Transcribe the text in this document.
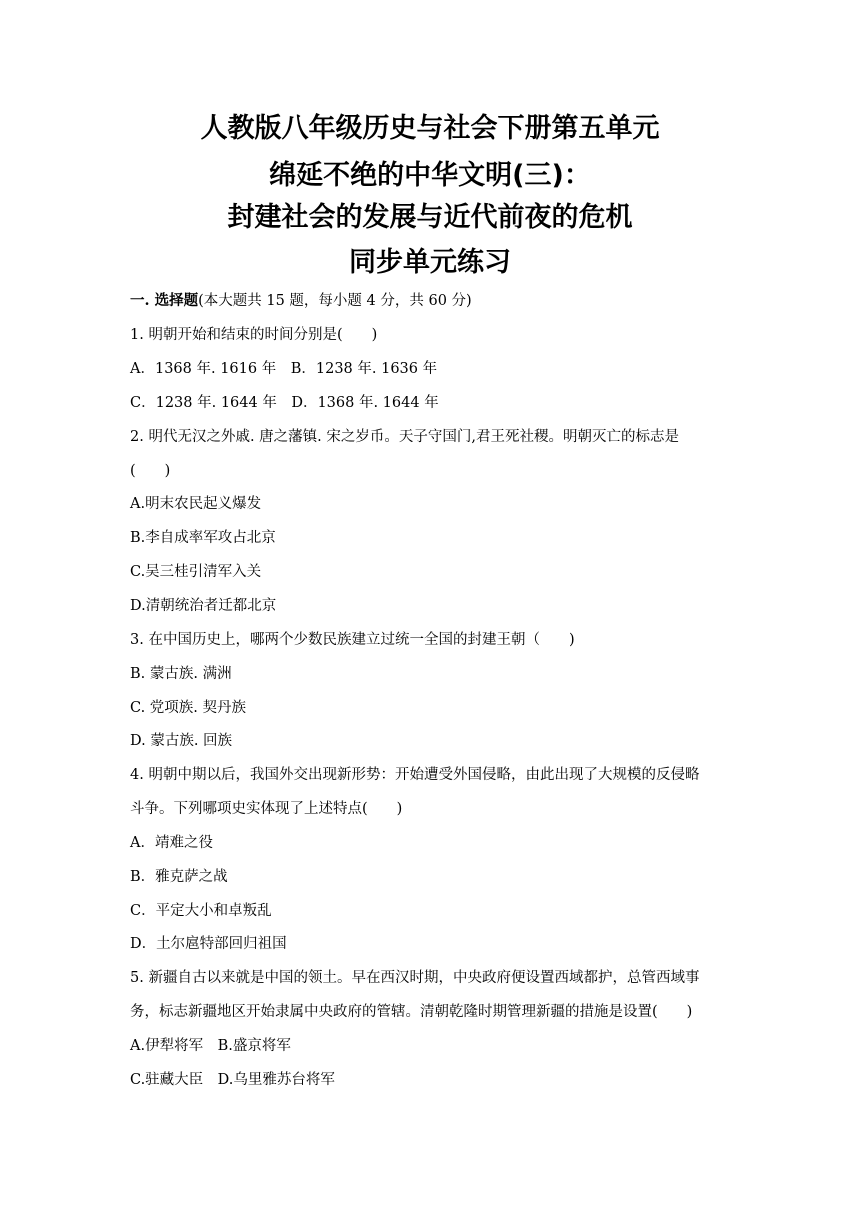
人教版八年级历史与社会下册第五单元
绵延不绝的中华文明(三)：
封建社会的发展与近代前夜的危机
同步单元练习
一. 选择题(本大题共 15 题，每小题 4 分，共 60 分)
1. 明朝开始和结束的时间分别是(　　)
A．1368 年. 1616 年　B．1238 年. 1636 年
C．1238 年. 1644 年　D．1368 年. 1644 年
2. 明代无汉之外戚. 唐之藩镇. 宋之岁币。天子守国门,君王死社稷。明朝灭亡的标志是
(　　)
A.明末农民起义爆发
B.李自成率军攻占北京
C.吴三桂引清军入关
D.清朝统治者迁都北京
3. 在中国历史上，哪两个少数民族建立过统一全国的封建王朝（　　)
B. 蒙古族. 满洲
C. 党项族. 契丹族
D. 蒙古族. 回族
4. 明朝中期以后，我国外交出现新形势：开始遭受外国侵略，由此出现了大规模的反侵略
斗争。下列哪项史实体现了上述特点(　　)
A．靖难之役
B．雅克萨之战
C．平定大小和卓叛乱
D．土尔扈特部回归祖国
5. 新疆自古以来就是中国的领土。早在西汉时期，中央政府便设置西域都护，总管西域事
务，标志新疆地区开始隶属中央政府的管辖。清朝乾隆时期管理新疆的措施是设置(　　)
A.伊犁将军　B.盛京将军
C.驻藏大臣　D.乌里雅苏台将军
